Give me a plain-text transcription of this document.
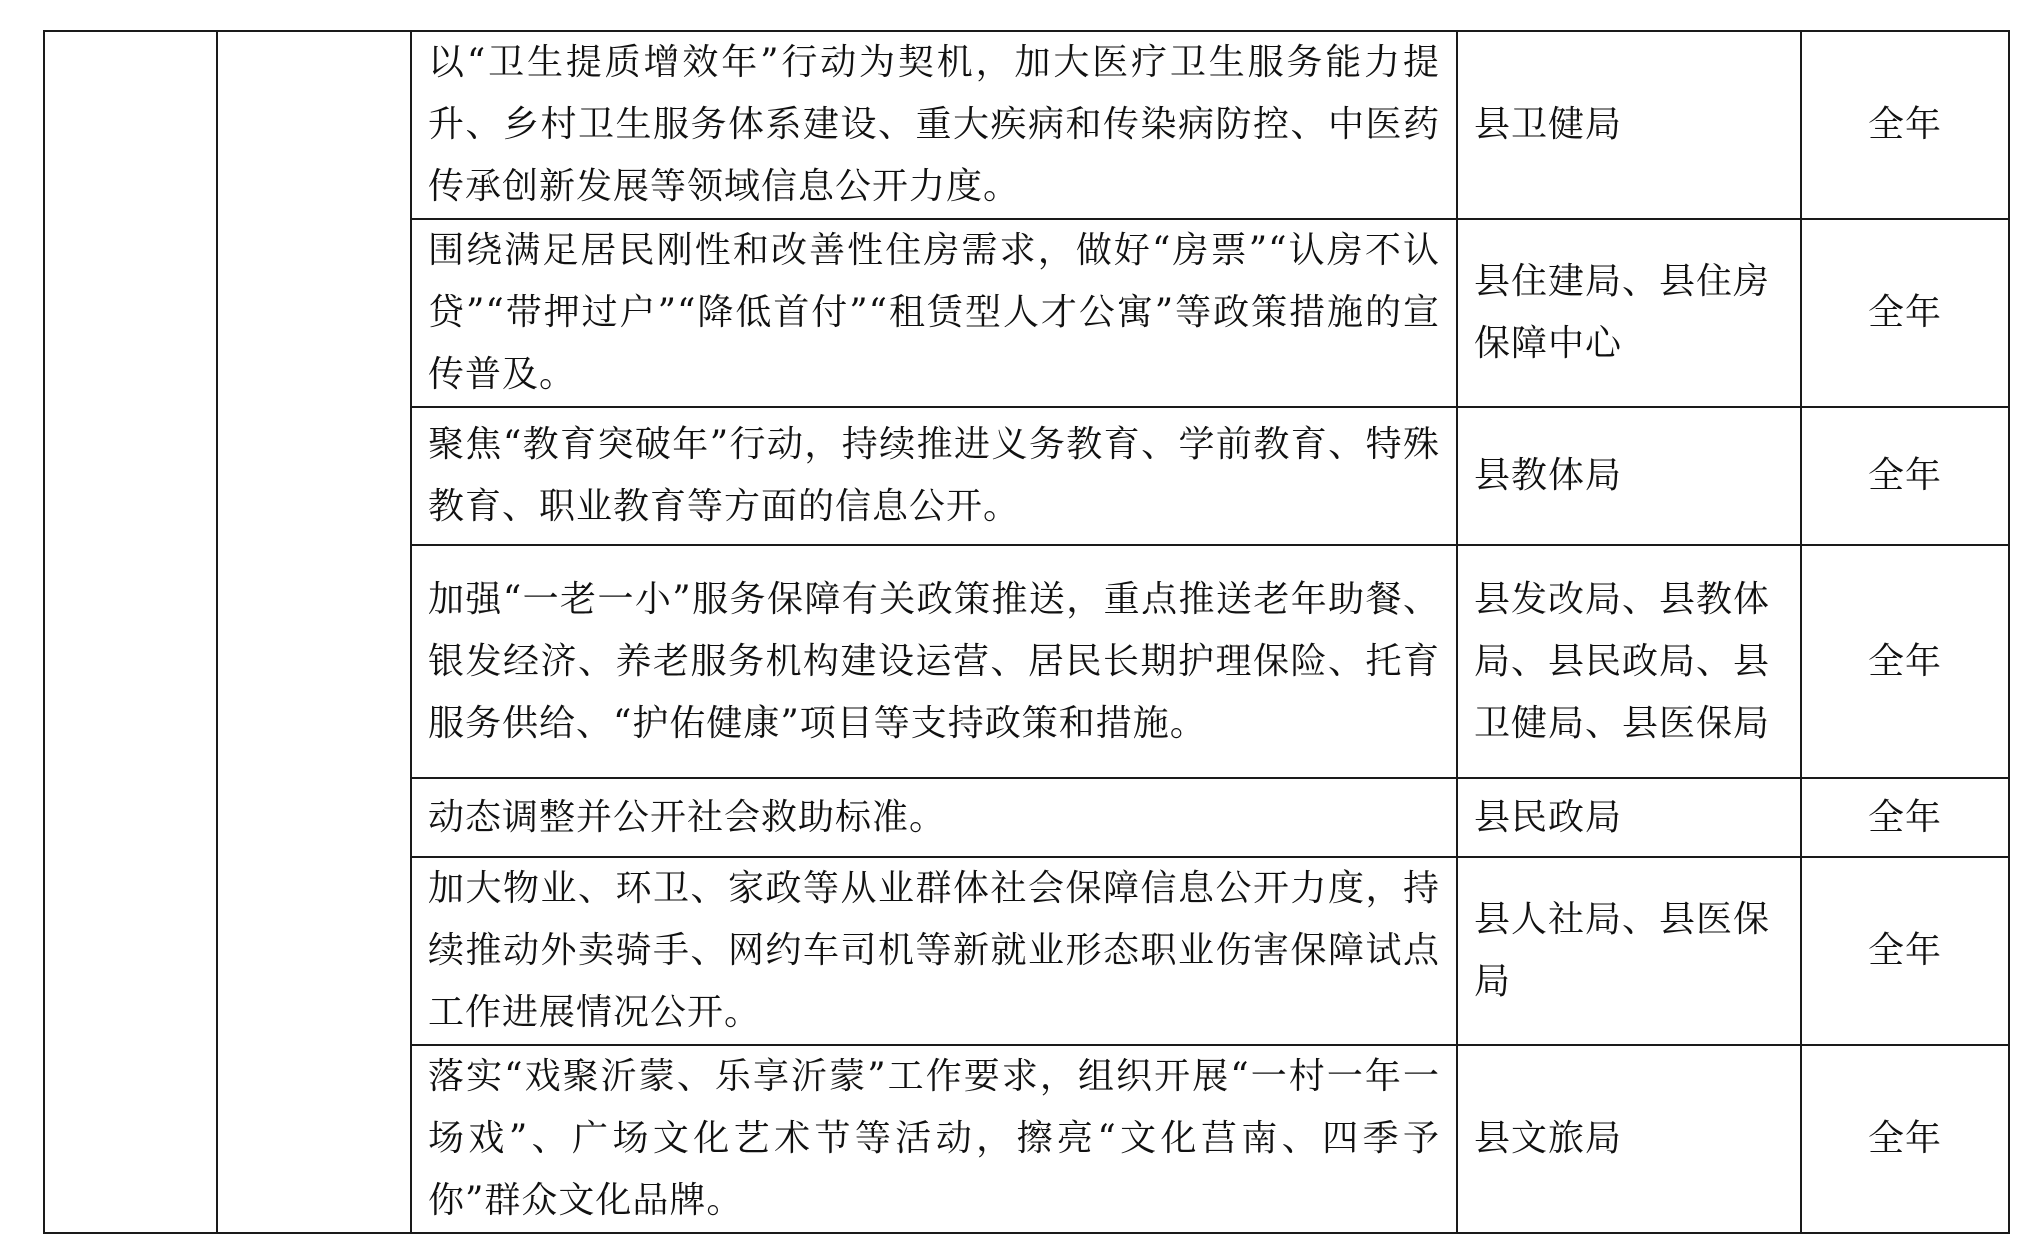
		以“卫生提质增效年”行动为契机，加大医疗卫生服务能力提升、乡村卫生服务体系建设、重大疾病和传染病防控、中医药传承创新发展等领域信息公开力度。	县卫健局	全年

		围绕满足居民刚性和改善性住房需求，做好“房票”“认房不认贷”“带押过户”“降低首付”“租赁型人才公寓”等政策措施的宣传普及。	县住建局、县住房保障中心	全年

		聚焦“教育突破年”行动，持续推进义务教育、学前教育、特殊教育、职业教育等方面的信息公开。	县教体局	全年

		加强“一老一小”服务保障有关政策推送，重点推送老年助餐、银发经济、养老服务机构建设运营、居民长期护理保险、托育服务供给、“护佑健康”项目等支持政策和措施。	县发改局、县教体局、县民政局、县卫健局、县医保局	全年

		动态调整并公开社会救助标准。	县民政局	全年

		加大物业、环卫、家政等从业群体社会保障信息公开力度，持续推动外卖骑手、网约车司机等新就业形态职业伤害保障试点工作进展情况公开。	县人社局、县医保局	全年

		落实“戏聚沂蒙、乐享沂蒙”工作要求，组织开展“一村一年一场戏”、广场文化艺术节等活动，擦亮“文化莒南、四季予你”群众文化品牌。	县文旅局	全年
